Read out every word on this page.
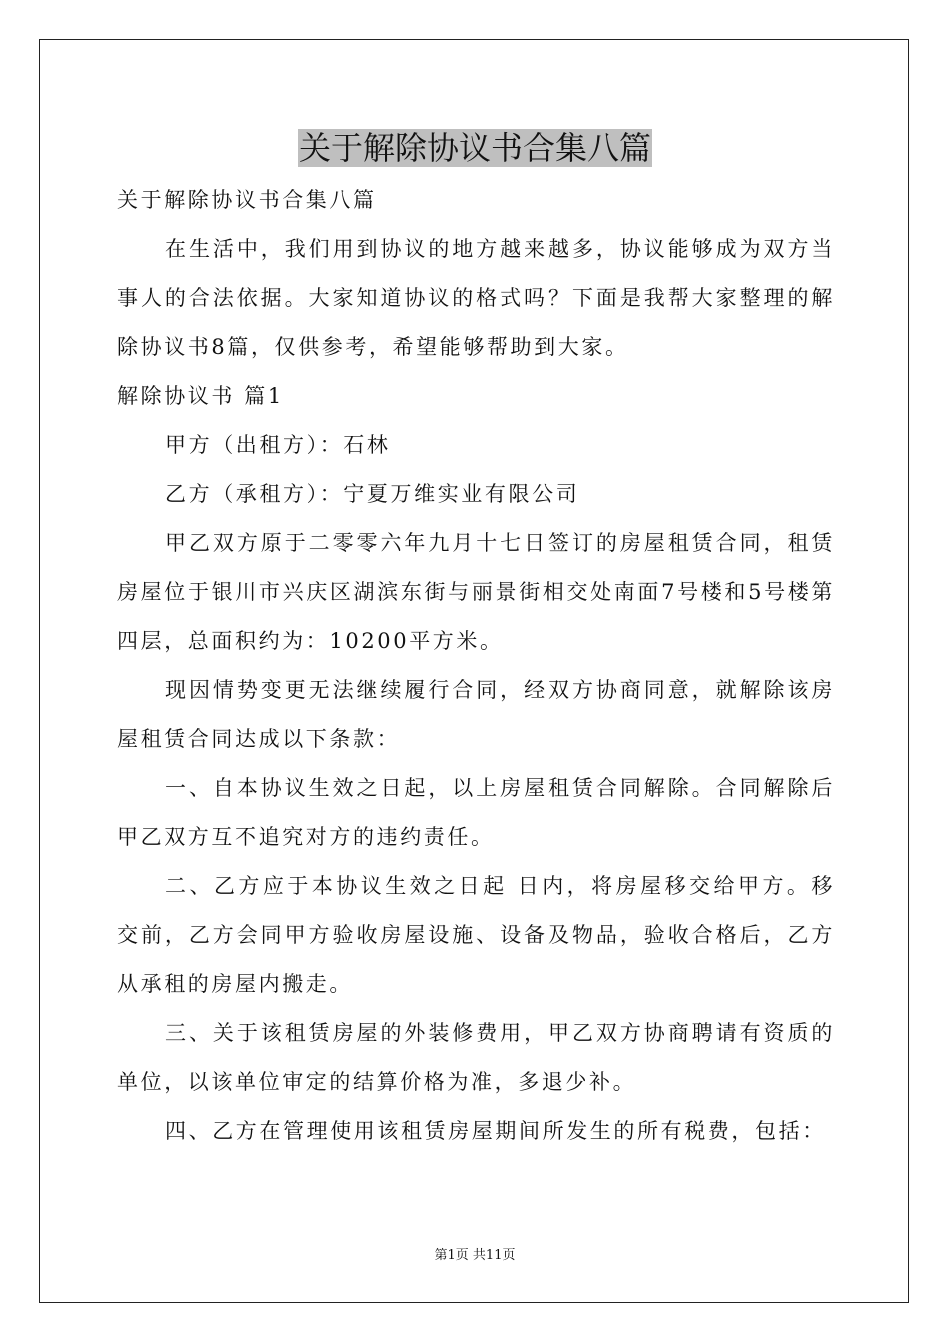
关于解除协议书合集八篇

关于解除协议书合集八篇

在生活中，我们用到协议的地方越来越多，协议能够成为双方当事人的合法依据。大家知道协议的格式吗？下面是我帮大家整理的解除协议书8篇，仅供参考，希望能够帮助到大家。

解除协议书 篇1

甲方（出租方）：石林

乙方（承租方）：宁夏万维实业有限公司

甲乙双方原于二零零六年九月十七日签订的房屋租赁合同，租赁房屋位于银川市兴庆区湖滨东街与丽景街相交处南面7号楼和5号楼第四层，总面积约为：10200平方米。

现因情势变更无法继续履行合同，经双方协商同意，就解除该房屋租赁合同达成以下条款：

一、自本协议生效之日起，以上房屋租赁合同解除。合同解除后甲乙双方互不追究对方的违约责任。

二、乙方应于本协议生效之日起 日内，将房屋移交给甲方。移交前，乙方会同甲方验收房屋设施、设备及物品，验收合格后，乙方从承租的房屋内搬走。

三、关于该租赁房屋的外装修费用，甲乙双方协商聘请有资质的单位，以该单位审定的结算价格为准，多退少补。

四、乙方在管理使用该租赁房屋期间所发生的所有税费，包括：

第1页 共11页
